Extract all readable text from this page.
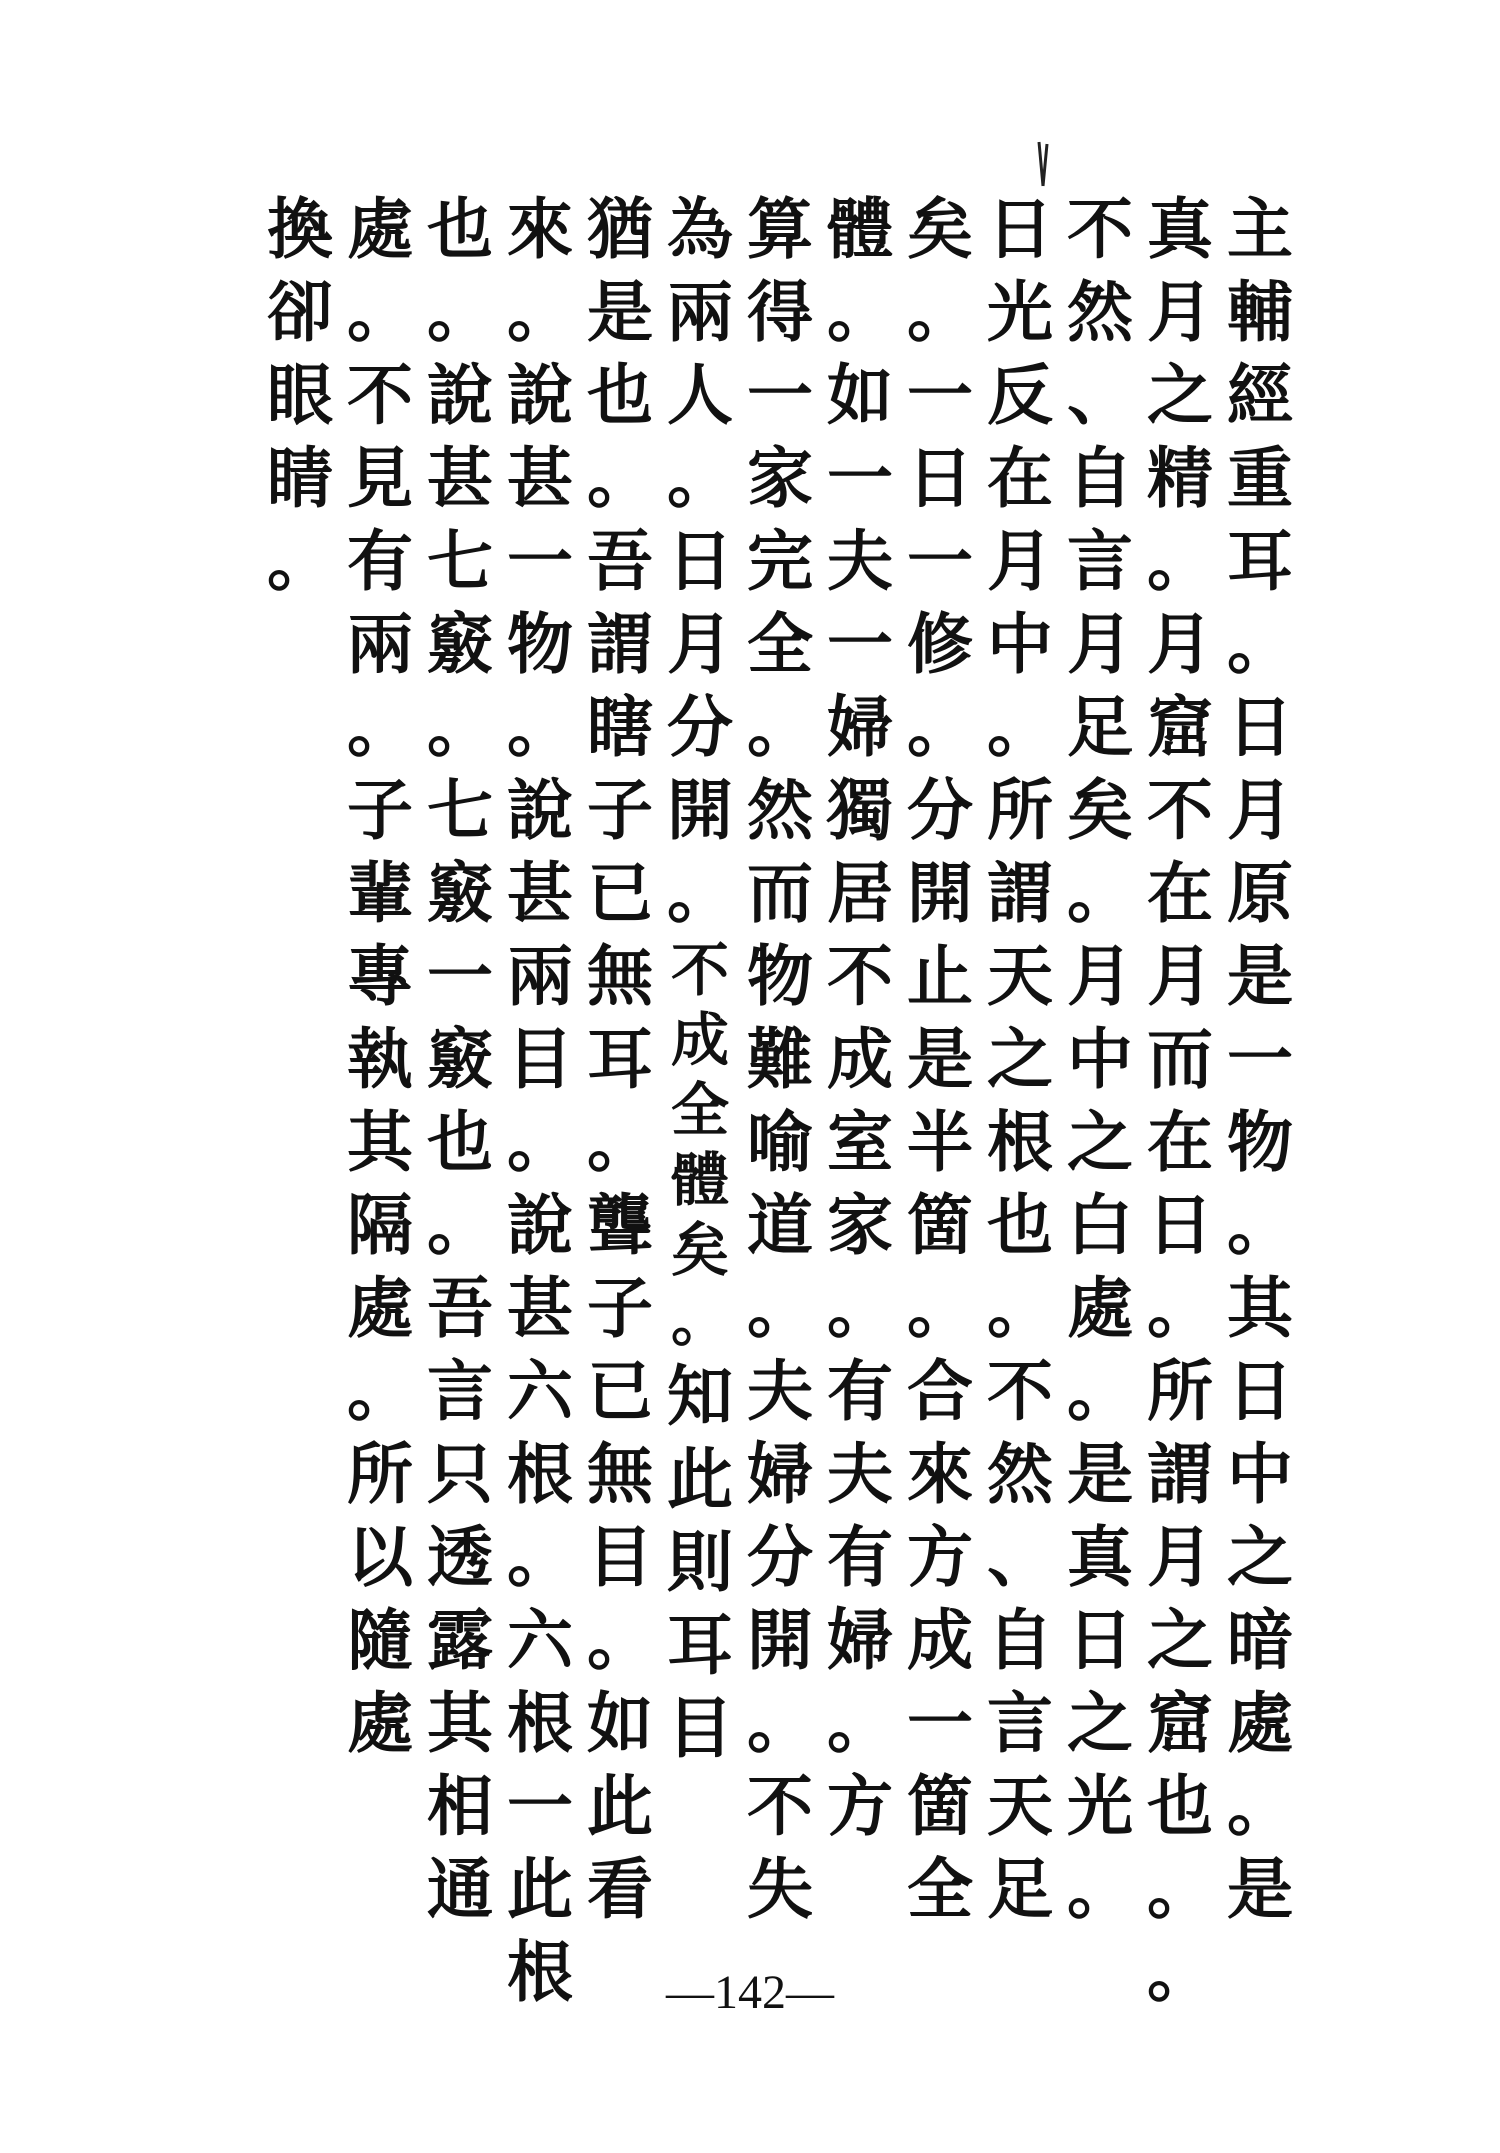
主
輔
經
重
耳
。
日
月
原
是
一
物
。
其
日
中
之
暗
處
。
是
真
月
之
精
。
月
窟
不
在
月
而
在
日
。
所
謂
月
之
窟
也
。
。
不
然
、
自
言
月
足
矣
。
月
中
之
白
處
。
是
真
日
之
光
。
日
光
反
在
月
中
。
所
謂
天
之
根
也
。
不
然
、
自
言
天
足
矣
。
一
日
一
修
。
分
開
止
是
半
箇
。
合
來
方
成
一
箇
全
體
。
如
一
夫
一
婦
獨
居
不
成
室
家
。
有
夫
有
婦
。
方
算
得
一
家
完
全
。
然
而
物
難
喻
道
。
夫
婦
分
開
。
不
失
為
兩
人
。
日
月
分
開
。
不
成
全
體
矣
。
知
此
則
耳
目
猶
是
也
。
吾
謂
瞎
子
已
無
耳
。
聾
子
已
無
目
。
如
此
看
來
。
說
甚
一
物
。
說
甚
兩
目
。
說
甚
六
根
。
六
根
一
此
根
也
。
說
甚
七
竅
。
七
竅
一
竅
也
。
吾
言
只
透
露
其
相
通
處
。
不
見
有
兩
。
子
輩
專
執
其
隔
處
。
所
以
隨
處
換
卻
眼
睛
。
—142—
